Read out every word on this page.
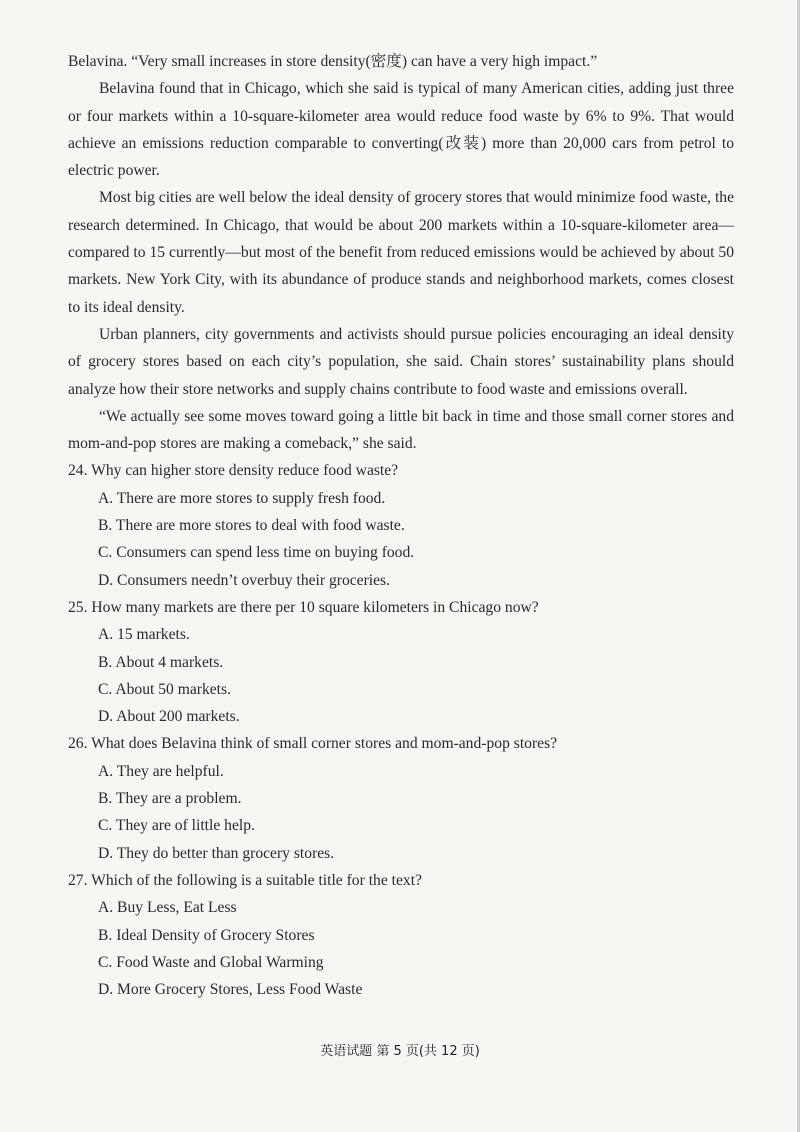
Belavina. “Very small increases in store density(密度) can have a very high impact.”

Belavina found that in Chicago, which she said is typical of many American cities, adding just three or four markets within a 10-square-kilometer area would reduce food waste by 6% to 9%. That would achieve an emissions reduction comparable to converting(改装) more than 20,000 cars from petrol to electric power.

Most big cities are well below the ideal density of grocery stores that would minimize food waste, the research determined. In Chicago, that would be about 200 markets within a 10-square-kilometer area—compared to 15 currently—but most of the benefit from reduced emissions would be achieved by about 50 markets. New York City, with its abundance of produce stands and neighborhood markets, comes closest to its ideal density.

Urban planners, city governments and activists should pursue policies encouraging an ideal density of grocery stores based on each city’s population, she said. Chain stores’ sustainability plans should analyze how their store networks and supply chains contribute to food waste and emissions overall.

“We actually see some moves toward going a little bit back in time and those small corner stores and mom-and-pop stores are making a comeback,” she said.

24. Why can higher store density reduce food waste?

A. There are more stores to supply fresh food.

B. There are more stores to deal with food waste.

C. Consumers can spend less time on buying food.

D. Consumers needn’t overbuy their groceries.

25. How many markets are there per 10 square kilometers in Chicago now?

A. 15 markets.

B. About 4 markets.

C. About 50 markets.

D. About 200 markets.

26. What does Belavina think of small corner stores and mom-and-pop stores?

A. They are helpful.

B. They are a problem.

C. They are of little help.

D. They do better than grocery stores.

27. Which of the following is a suitable title for the text?

A. Buy Less, Eat Less

B. Ideal Density of Grocery Stores

C. Food Waste and Global Warming

D. More Grocery Stores, Less Food Waste

英语试题 第 5 页(共 12 页)
